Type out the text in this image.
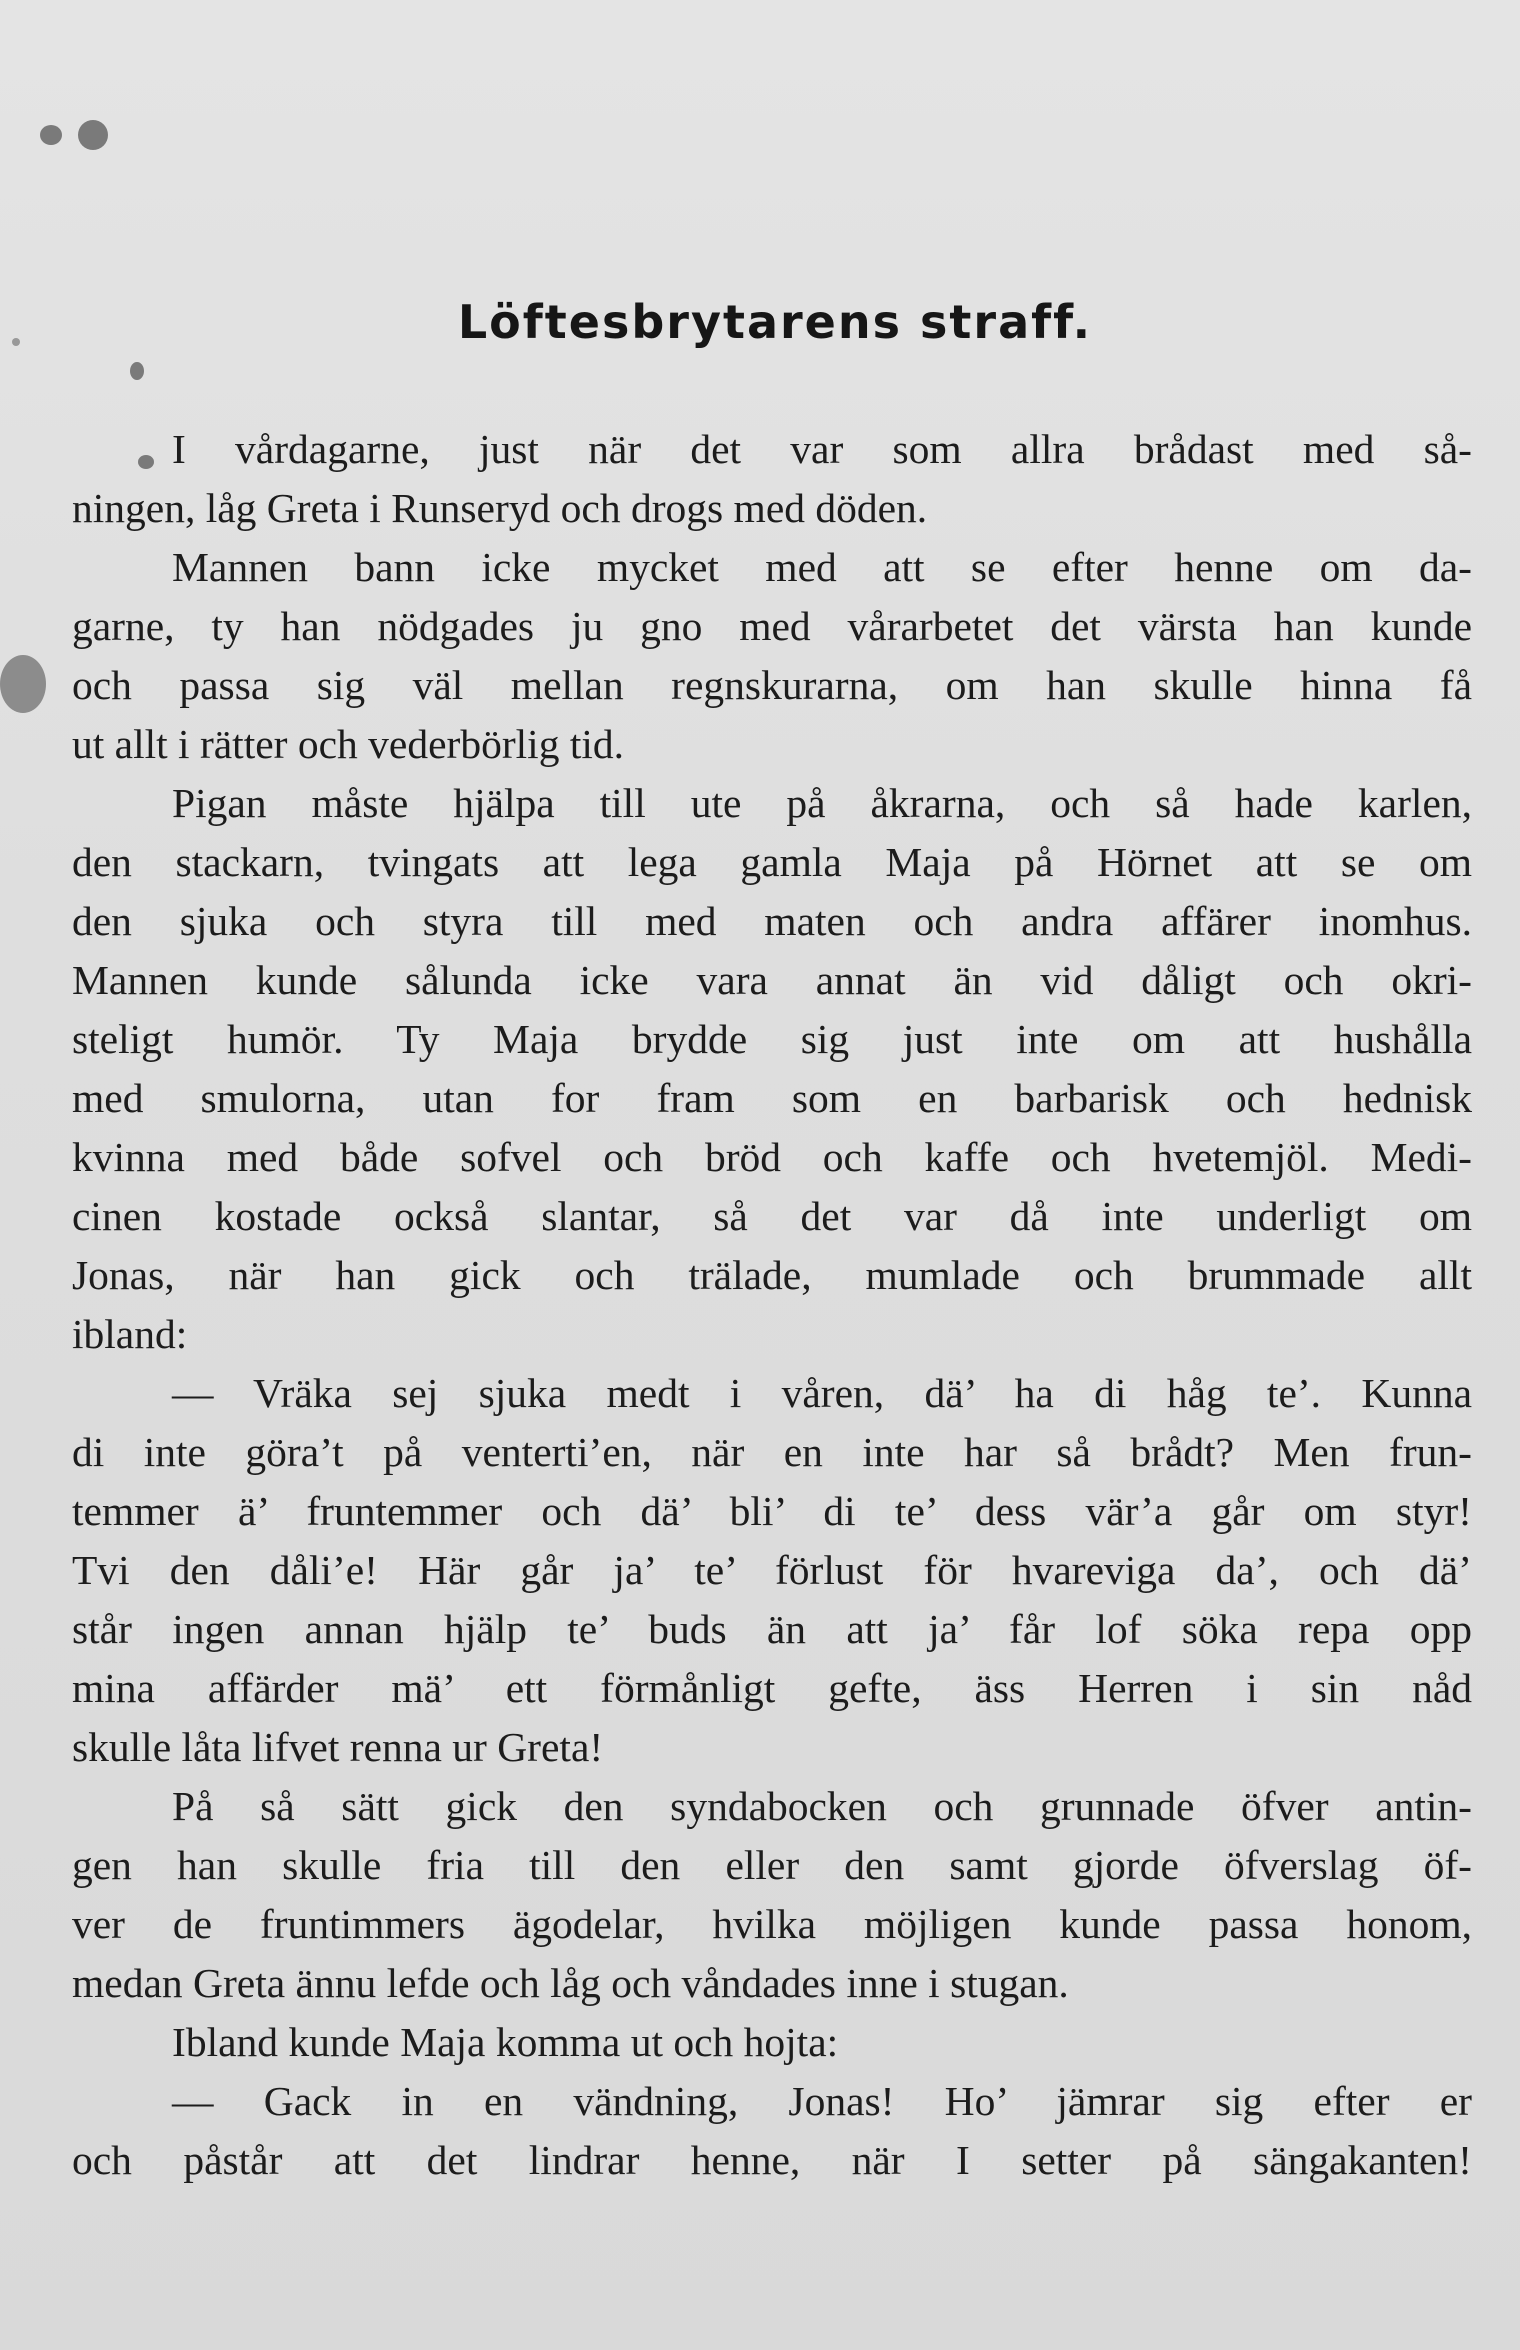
Löftesbrytarens straff.
I vårdagarne, just när det var som allra brådast med så-
ningen, låg Greta i Runseryd och drogs med döden.
Mannen bann icke mycket med att se efter henne om da-
garne, ty han nödgades ju gno med vårarbetet det värsta han kunde
och passa sig väl mellan regnskurarna, om han skulle hinna få
ut allt i rätter och vederbörlig tid.
Pigan måste hjälpa till ute på åkrarna, och så hade karlen,
den stackarn, tvingats att lega gamla Maja på Hörnet att se om
den sjuka och styra till med maten och andra affärer inomhus.
Mannen kunde sålunda icke vara annat än vid dåligt och okri-
steligt humör. Ty Maja brydde sig just inte om att hushålla
med smulorna, utan for fram som en barbarisk och hednisk
kvinna med både sofvel och bröd och kaffe och hvetemjöl. Medi-
cinen kostade också slantar, så det var då inte underligt om
Jonas, när han gick och trälade, mumlade och brummade allt
ibland:
— Vräka sej sjuka medt i våren, dä’ ha di håg te’. Kunna
di inte göra’t på venterti’en, när en inte har så brådt? Men frun-
temmer ä’ fruntemmer och dä’ bli’ di te’ dess vär’a går om styr!
Tvi den dåli’e! Här går ja’ te’ förlust för hvareviga da’, och dä’
står ingen annan hjälp te’ buds än att ja’ får lof söka repa opp
mina affärder mä’ ett förmånligt gefte, äss Herren i sin nåd
skulle låta lifvet renna ur Greta!
På så sätt gick den syndabocken och grunnade öfver antin-
gen han skulle fria till den eller den samt gjorde öfverslag öf-
ver de fruntimmers ägodelar, hvilka möjligen kunde passa honom,
medan Greta ännu lefde och låg och våndades inne i stugan.
Ibland kunde Maja komma ut och hojta:
— Gack in en vändning, Jonas! Ho’ jämrar sig efter er
och påstår att det lindrar henne, när I setter på sängakanten!
